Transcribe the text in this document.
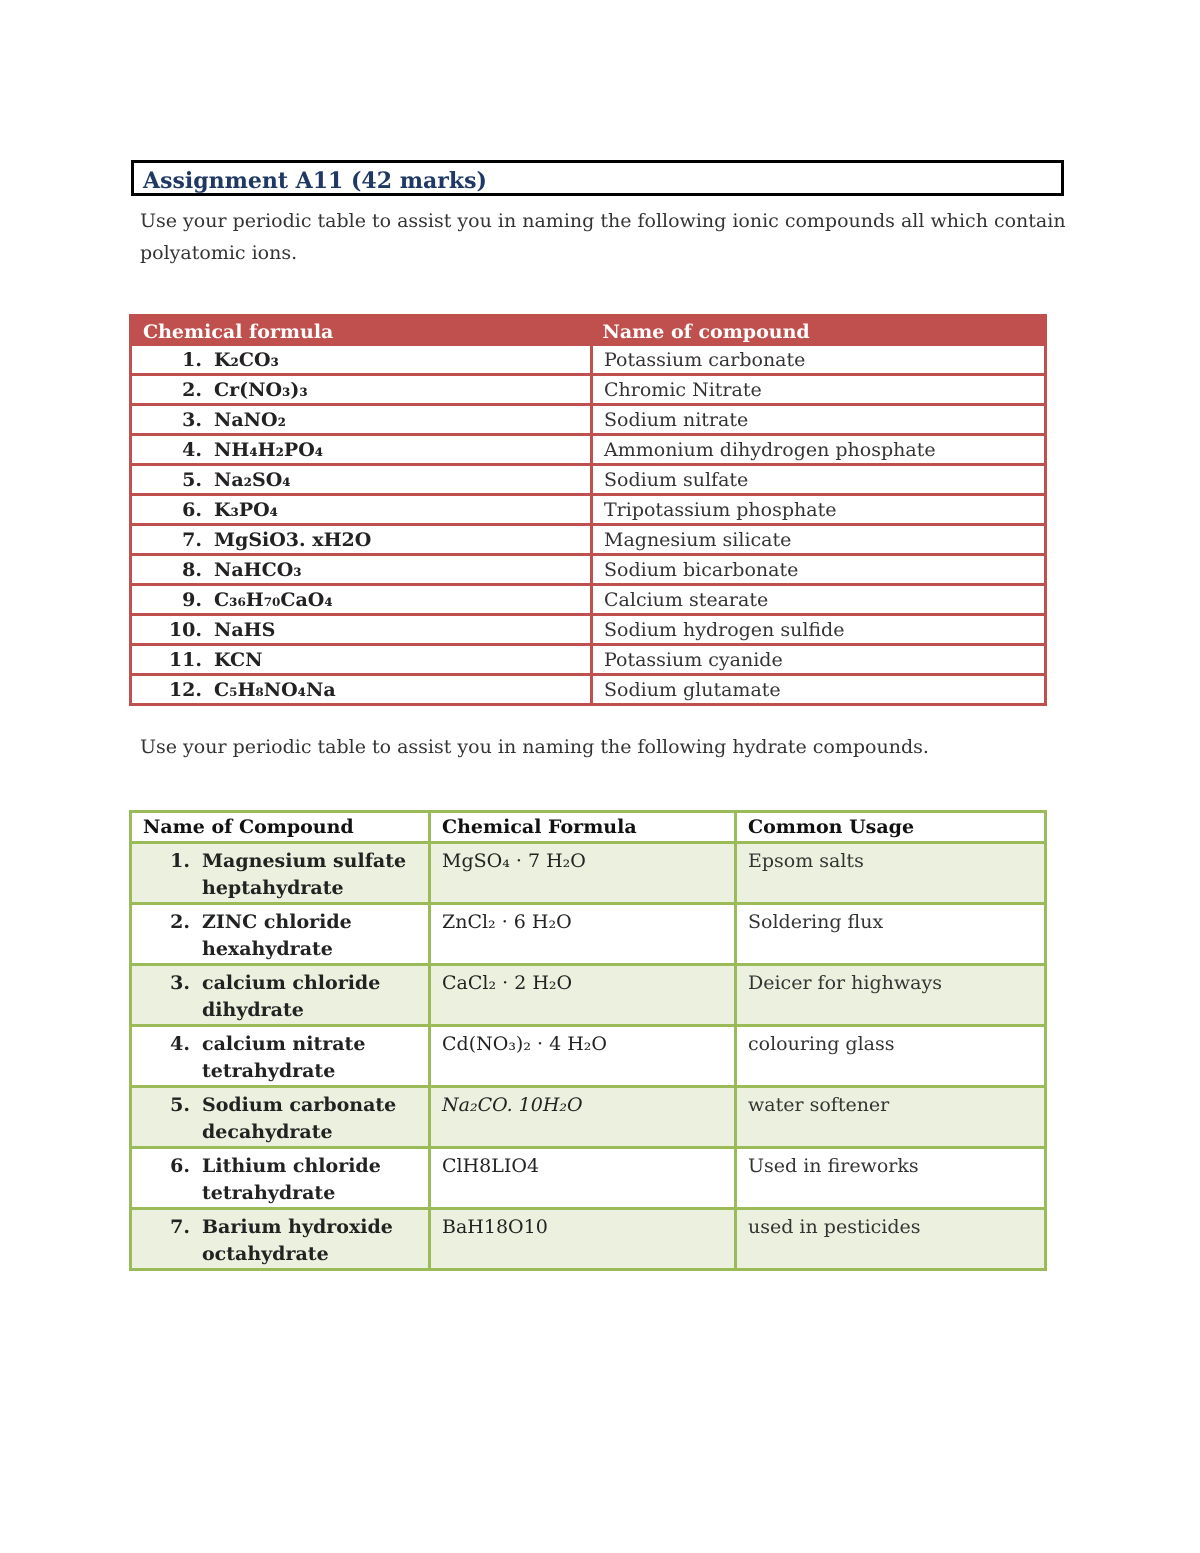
Assignment A11 (42 marks)
Use your periodic table to assist you in naming the following ionic compounds all which contain polyatomic ions.
Chemical formula		Name of compound
1.	K₂CO₃	Potassium carbonate
2.	Cr(NO₃)₃	Chromic Nitrate
3.	NaNO₂	Sodium nitrate
4.	NH₄H₂PO₄	Ammonium dihydrogen phosphate
5.	Na₂SO₄	Sodium sulfate
6.	K₃PO₄	Tripotassium phosphate
7.	MgSiO3. xH2O	Magnesium silicate
8.	NaHCO₃	Sodium bicarbonate
9.	C₃₆H₇₀CaO₄	Calcium stearate
10.	NaHS	Sodium hydrogen sulfide
11.	KCN	Potassium cyanide
12.	C₅H₈NO₄Na	Sodium glutamate
Use your periodic table to assist you in naming the following hydrate compounds.
Name of Compound	Chemical Formula	Common Usage
1. Magnesium sulfate heptahydrate	MgSO₄ · 7 H₂O	Epsom salts
2. ZINC chloride hexahydrate	ZnCl₂ · 6 H₂O	Soldering flux
3. calcium chloride dihydrate	CaCl₂ · 2 H₂O	Deicer for highways
4. calcium nitrate tetrahydrate	Cd(NO₃)₂ · 4 H₂O	colouring glass
5. Sodium carbonate decahydrate	Na₂CO. 10H₂O	water softener
6. Lithium chloride tetrahydrate	ClH8LIO4	Used in fireworks
7. Barium hydroxide octahydrate	BaH18O10	used in pesticides
